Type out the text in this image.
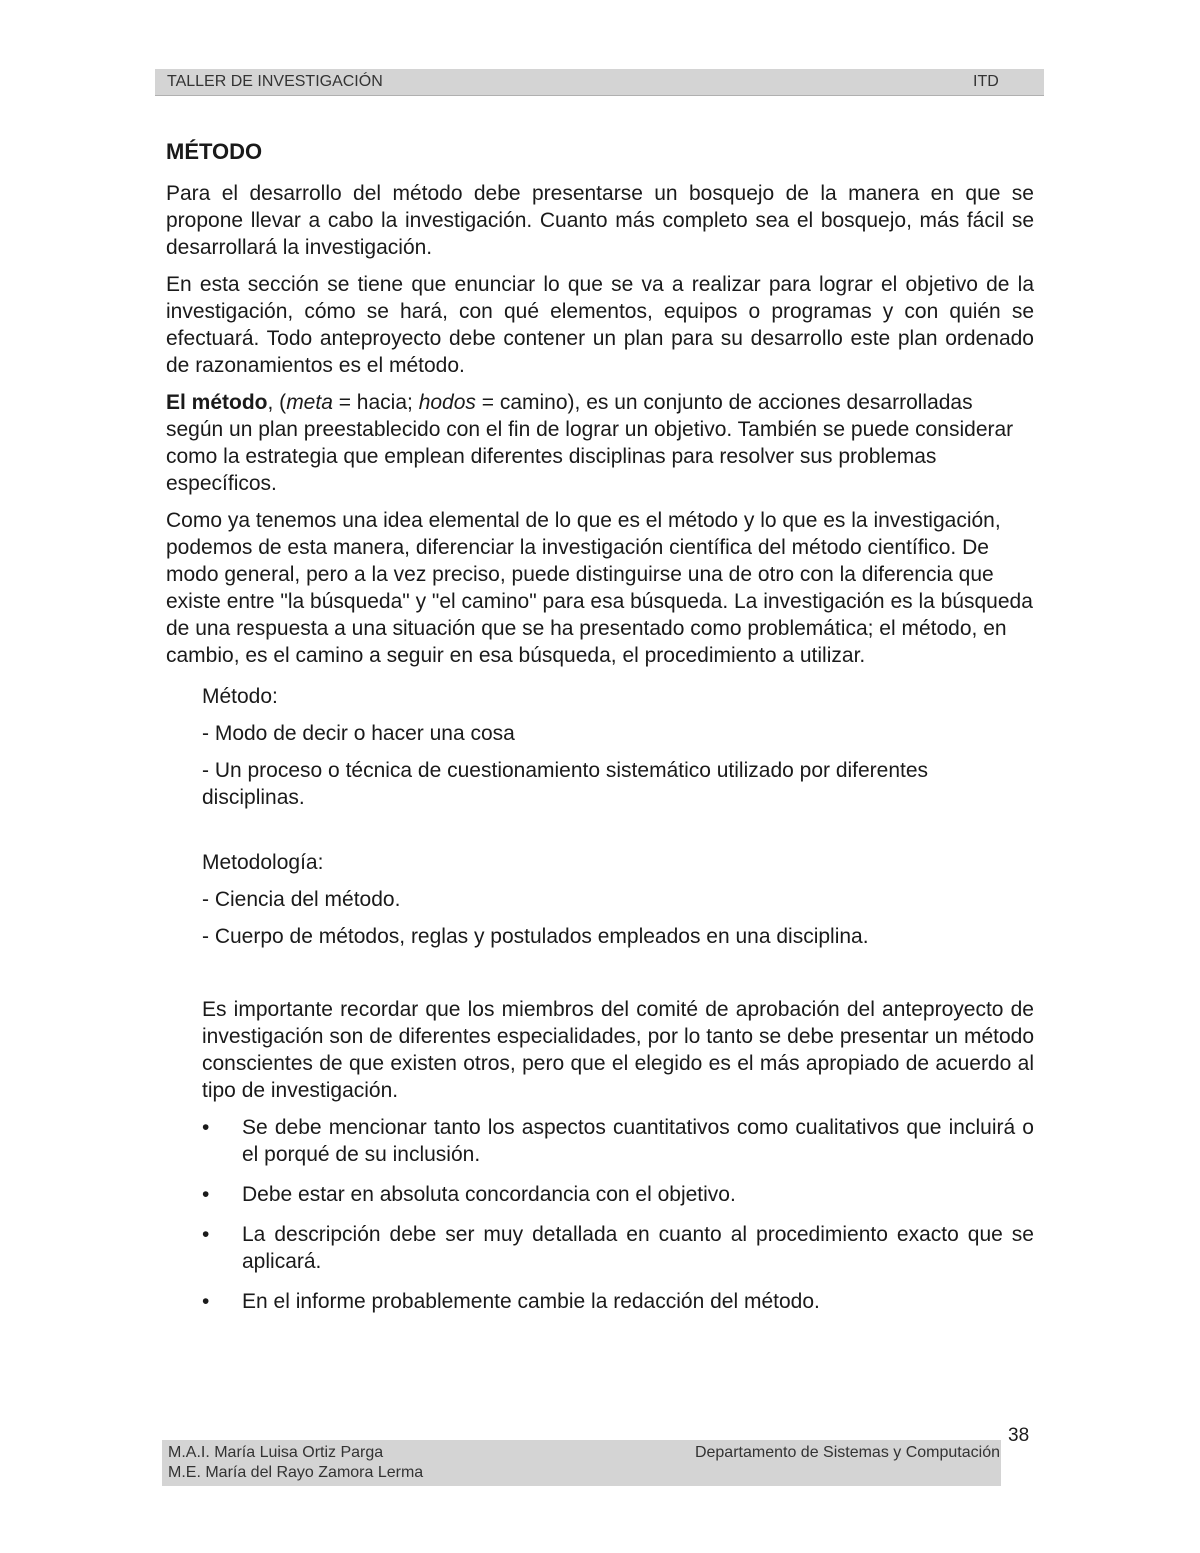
TALLER DE INVESTIGACIÓN	ITD
MÉTODO

Para el desarrollo del método debe presentarse un bosquejo de la manera en que se propone llevar a cabo la investigación. Cuanto más completo sea el bosquejo, más fácil se desarrollará la investigación.

En esta sección se tiene que enunciar lo que se va a realizar para lograr el objetivo de la investigación, cómo se hará, con qué elementos, equipos o programas y con quién se efectuará. Todo anteproyecto debe contener un plan para su desarrollo este plan ordenado de razonamientos es el método.

El método, (meta = hacia; hodos = camino), es un conjunto de acciones desarrolladas según un plan preestablecido con el fin de lograr un objetivo. También se puede considerar como la estrategia que emplean diferentes disciplinas para resolver sus problemas específicos.

Como ya tenemos una idea elemental de lo que es el método y lo que es la investigación, podemos de esta manera, diferenciar la investigación científica del método científico. De modo general, pero a la vez preciso, puede distinguirse una de otro con la diferencia que existe entre "la búsqueda" y "el camino" para esa búsqueda. La investigación es la búsqueda de una respuesta a una situación que se ha presentado como problemática; el método, en cambio, es el camino a seguir en esa búsqueda, el procedimiento a utilizar.

Método:

- Modo de decir o hacer una cosa

- Un proceso o técnica de cuestionamiento sistemático utilizado por diferentes disciplinas.

Metodología:

- Ciencia del método.

- Cuerpo de métodos, reglas y postulados empleados en una disciplina.

Es importante recordar que los miembros del comité de aprobación del anteproyecto de investigación son de diferentes especialidades, por lo tanto se debe presentar un método conscientes de que existen otros, pero que el elegido es el más apropiado de acuerdo al tipo de investigación.

• Se debe mencionar tanto los aspectos cuantitativos como cualitativos que incluirá o el porqué de su inclusión.
• Debe estar en absoluta concordancia con el objetivo.
• La descripción debe ser muy detallada en cuanto al procedimiento exacto que se aplicará.
• En el informe probablemente cambie la redacción del método.
38
M.A.I. María Luisa Ortiz Parga
M.E. María del Rayo Zamora Lerma
Departamento de Sistemas y Computación
